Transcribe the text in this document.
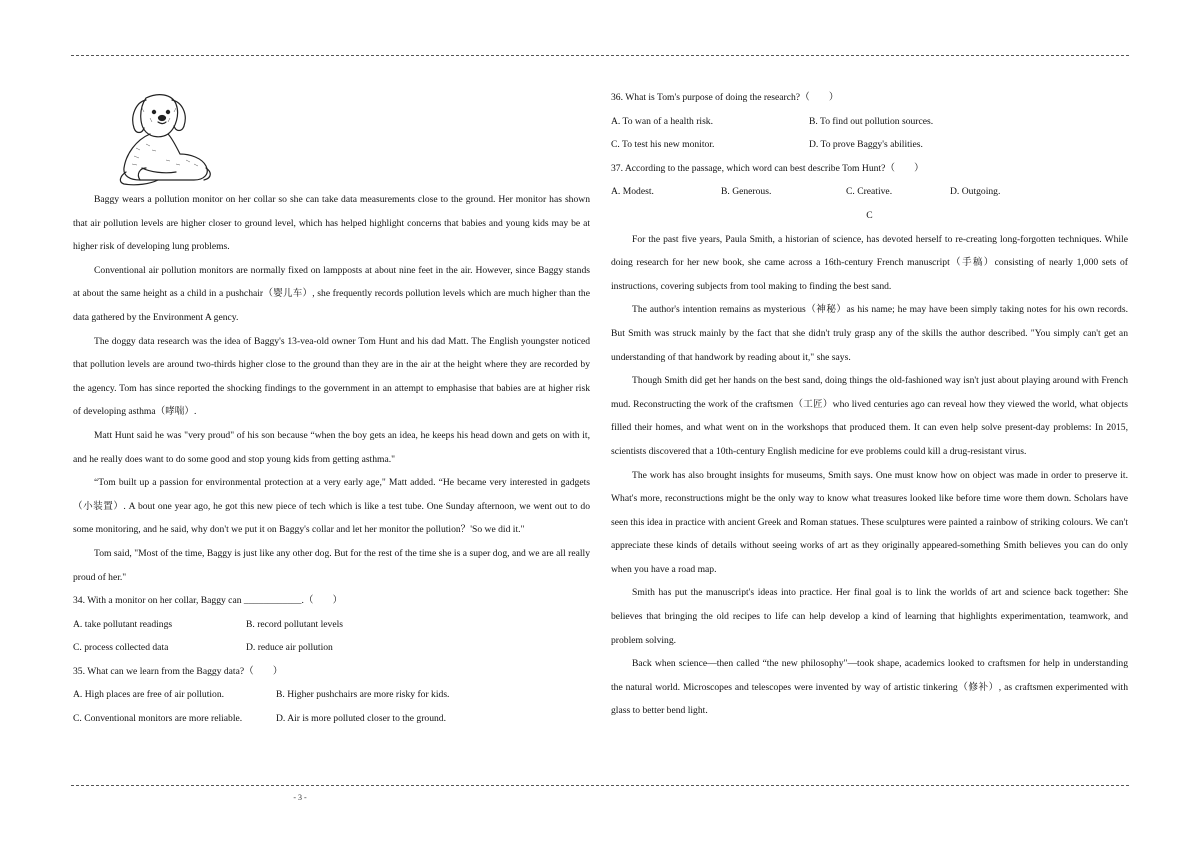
Baggy wears a pollution monitor on her collar so she can take data measurements close to the ground. Her monitor has shown that air pollution levels are higher closer to ground level, which has helped highlight concerns that babies and young kids may be at higher risk of developing lung problems.

Conventional air pollution monitors are normally fixed on lampposts at about nine feet in the air. However, since Baggy stands at about the same height as a child in a pushchair（婴儿车）, she frequently records pollution levels which are much higher than the data gathered by the Environment A gency.

The doggy data research was the idea of Baggy's 13-vea-old owner Tom Hunt and his dad Matt. The English youngster noticed that pollution levels are around two-thirds higher close to the ground than they are in the air at the height where they are recorded by the agency. Tom has since reported the shocking findings to the government in an attempt to emphasise that babies are at higher risk of developing asthma（哮喘）.

Matt Hunt said he was "very proud" of his son because “when the boy gets an idea, he keeps his head down and gets on with it, and he really does want to do some good and stop young kids from getting asthma."

“Tom built up a passion for environmental protection at a very early age," Matt added. “He became very interested in gadgets（小装置）. A bout one year ago, he got this new piece of tech which is like a test tube. One Sunday afternoon, we went out to do some monitoring, and he said, why don't we put it on Baggy's collar and let her monitor the pollution？'So we did it."

Tom said, "Most of the time, Baggy is just like any other dog. But for the rest of the time she is a super dog, and we are all really proud of her."

34. With a monitor on her collar, Baggy can ____________.（　　）

A. take pollutant readings	B. record pollutant levels
C. process collected data	D. reduce air pollution

35. What can we learn from the Baggy data?（　　）

A. High places are free of air pollution.	B. Higher pushchairs are more risky for kids.
C. Conventional monitors are more reliable.	D. Air is more polluted closer to the ground.

36. What is Tom's purpose of doing the research?（　　）

A. To wan of a health risk.	B. To find out pollution sources.
C. To test his new monitor.	D. To prove Baggy's abilities.

37. According to the passage, which word can best describe Tom Hunt?（　　）

A. Modest.	B. Generous.	C. Creative.	D. Outgoing.

C

For the past five years, Paula Smith, a historian of science, has devoted herself to re-creating long-forgotten techniques. While doing research for her new book, she came across a 16th-century French manuscript（手稿）consisting of nearly 1,000 sets of instructions, covering subjects from tool making to finding the best sand.

The author's intention remains as mysterious（神秘）as his name; he may have been simply taking notes for his own records. But Smith was struck mainly by the fact that she didn't truly grasp any of the skills the author described. "You simply can't get an understanding of that handwork by reading about it," she says.

Though Smith did get her hands on the best sand, doing things the old-fashioned way isn't just about playing around with French mud. Reconstructing the work of the craftsmen（工匠）who lived centuries ago can reveal how they viewed the world, what objects filled their homes, and what went on in the workshops that produced them. It can even help solve present-day problems: In 2015, scientists discovered that a 10th-century English medicine for eve problems could kill a drug-resistant virus.

The work has also brought insights for museums, Smith says. One must know how on object was made in order to preserve it. What's more, reconstructions might be the only way to know what treasures looked like before time wore them down. Scholars have seen this idea in practice with ancient Greek and Roman statues. These sculptures were painted a rainbow of striking colours. We can't appreciate these kinds of details without seeing works of art as they originally appeared-something Smith believes you can do only when you have a road map.

Smith has put the manuscript's ideas into practice. Her final goal is to link the worlds of art and science back together: She believes that bringing the old recipes to life can help develop a kind of learning that highlights experimentation, teamwork, and problem solving.

Back when science—then called “the new philosophy"—took shape, academics looked to craftsmen for help in understanding the natural world. Microscopes and telescopes were invented by way of artistic tinkering（修补）, as craftsmen experimented with glass to better bend light.

- 3 -
